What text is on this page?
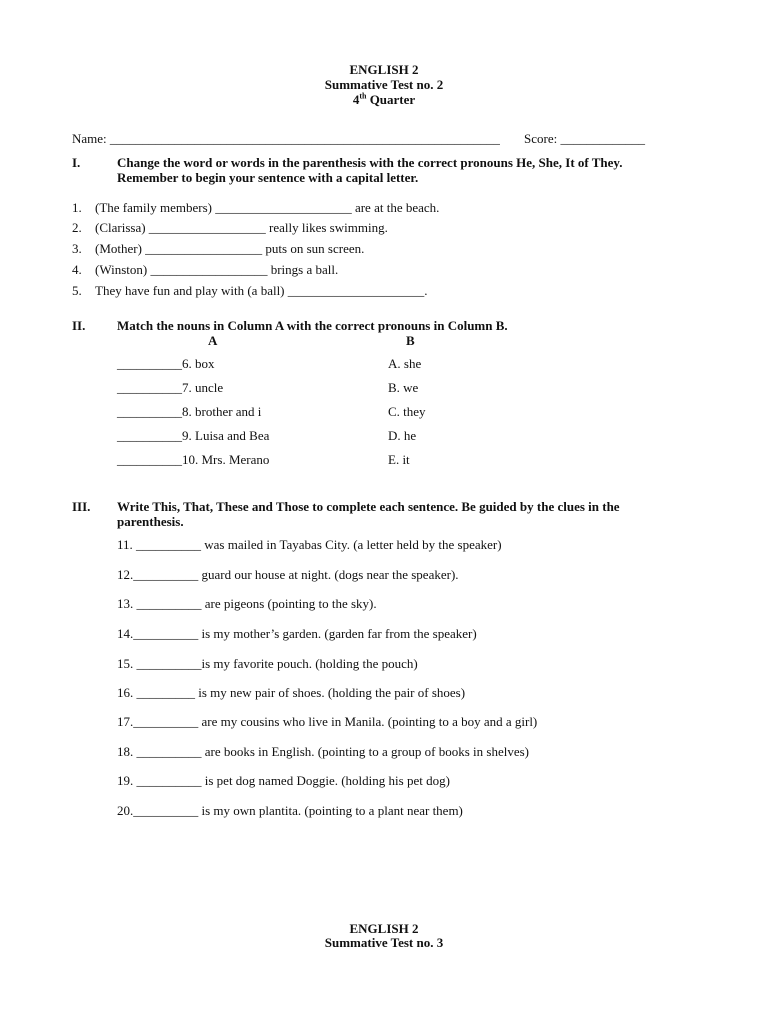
ENGLISH 2
Summative Test no. 2
4th Quarter
Name: ____________________________________________________________ Score: _____________
I.	Change the word or words in the parenthesis with the correct pronouns He, She, It of They. Remember to begin your sentence with a capital letter.
1. (The family members) _____________________ are at the beach.
2. (Clarissa) __________________ really likes swimming.
3. (Mother) __________________ puts on sun screen.
4. (Winston) __________________ brings a ball.
5. They have fun and play with (a ball) _____________________.
II. Match the nouns in Column A with the correct pronouns in Column B.
A	B
__________6. box	A. she
__________7. uncle	B. we
__________8. brother and i	C. they
__________9. Luisa and Bea	D. he
__________10. Mrs. Merano	E. it
III. Write This, That, These and Those to complete each sentence. Be guided by the clues in the parenthesis.
11. __________ was mailed in Tayabas City. (a letter held by the speaker)
12.__________ guard our house at night. (dogs near the speaker).
13. __________ are pigeons (pointing to the sky).
14.__________ is my mother’s garden. (garden far from the speaker)
15. __________is my favorite pouch. (holding the pouch)
16. _________ is my new pair of shoes. (holding the pair of shoes)
17.__________ are my cousins who live in Manila. (pointing to a boy and a girl)
18. __________ are books in English. (pointing to a group of books in shelves)
19. __________ is pet dog named Doggie. (holding his pet dog)
20.__________ is my own plantita. (pointing to a plant near them)
ENGLISH 2
Summative Test no. 3
